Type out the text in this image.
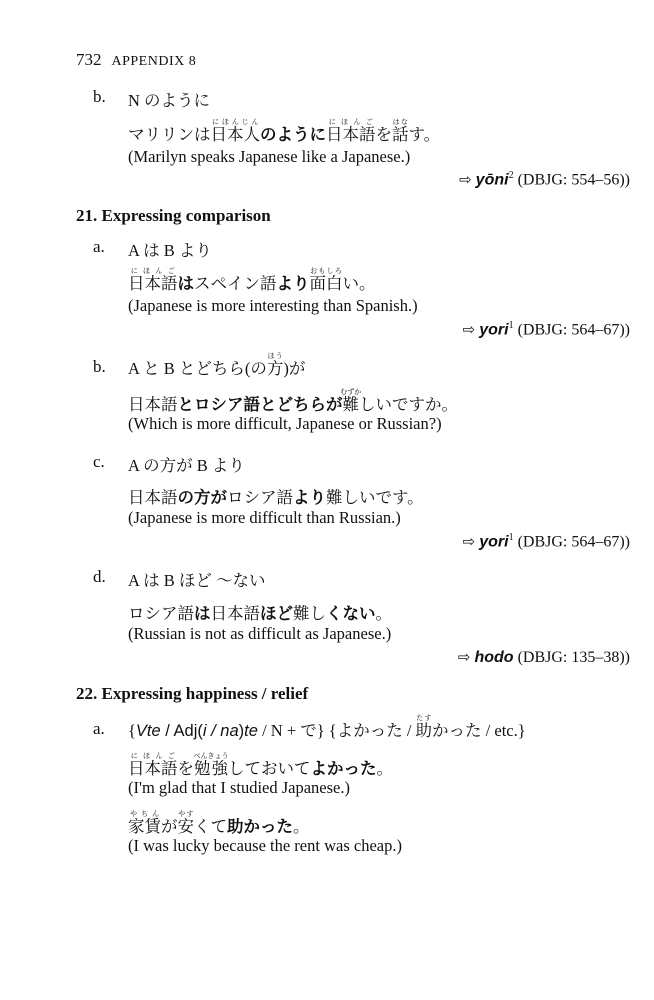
732 APPENDIX 8
b. N のように
マリリンは日本人にほんじんのように日本語にほんごを話はなす。
(Marilyn speaks Japanese like a Japanese.)
⇨ yōni$^2$ (DBJG: 554–56))
21. Expressing comparison
a. A は B より
日本語にほんごはスペイン語より面白おもしろい。
(Japanese is more interesting than Spanish.)
⇨ yori$^1$ (DBJG: 564–67))
b. A と B とどちら(の方ほう)が
日本語とロシア語とどちらが難むずかしいですか。
(Which is more difficult, Japanese or Russian?)
c. A の方が B より
日本語の方がロシア語より難しいです。
(Japanese is more difficult than Russian.)
⇨ yori$^1$ (DBJG: 564–67))
d. A は B ほど ～ない
ロシア語は日本語ほど難しくない。
(Russian is not as difficult as Japanese.)
⇨ hodo (DBJG: 135–38))
22. Expressing happiness / relief
a. {Vte / Adj(i / na)te / N + で} {よかった / 助たすかった / etc.}
日本語にほんごを勉強べんきょうしておいてよかった。
(I'm glad that I studied Japanese.)
家賃やちんが安やすくて助かった。
(I was lucky because the rent was cheap.)
